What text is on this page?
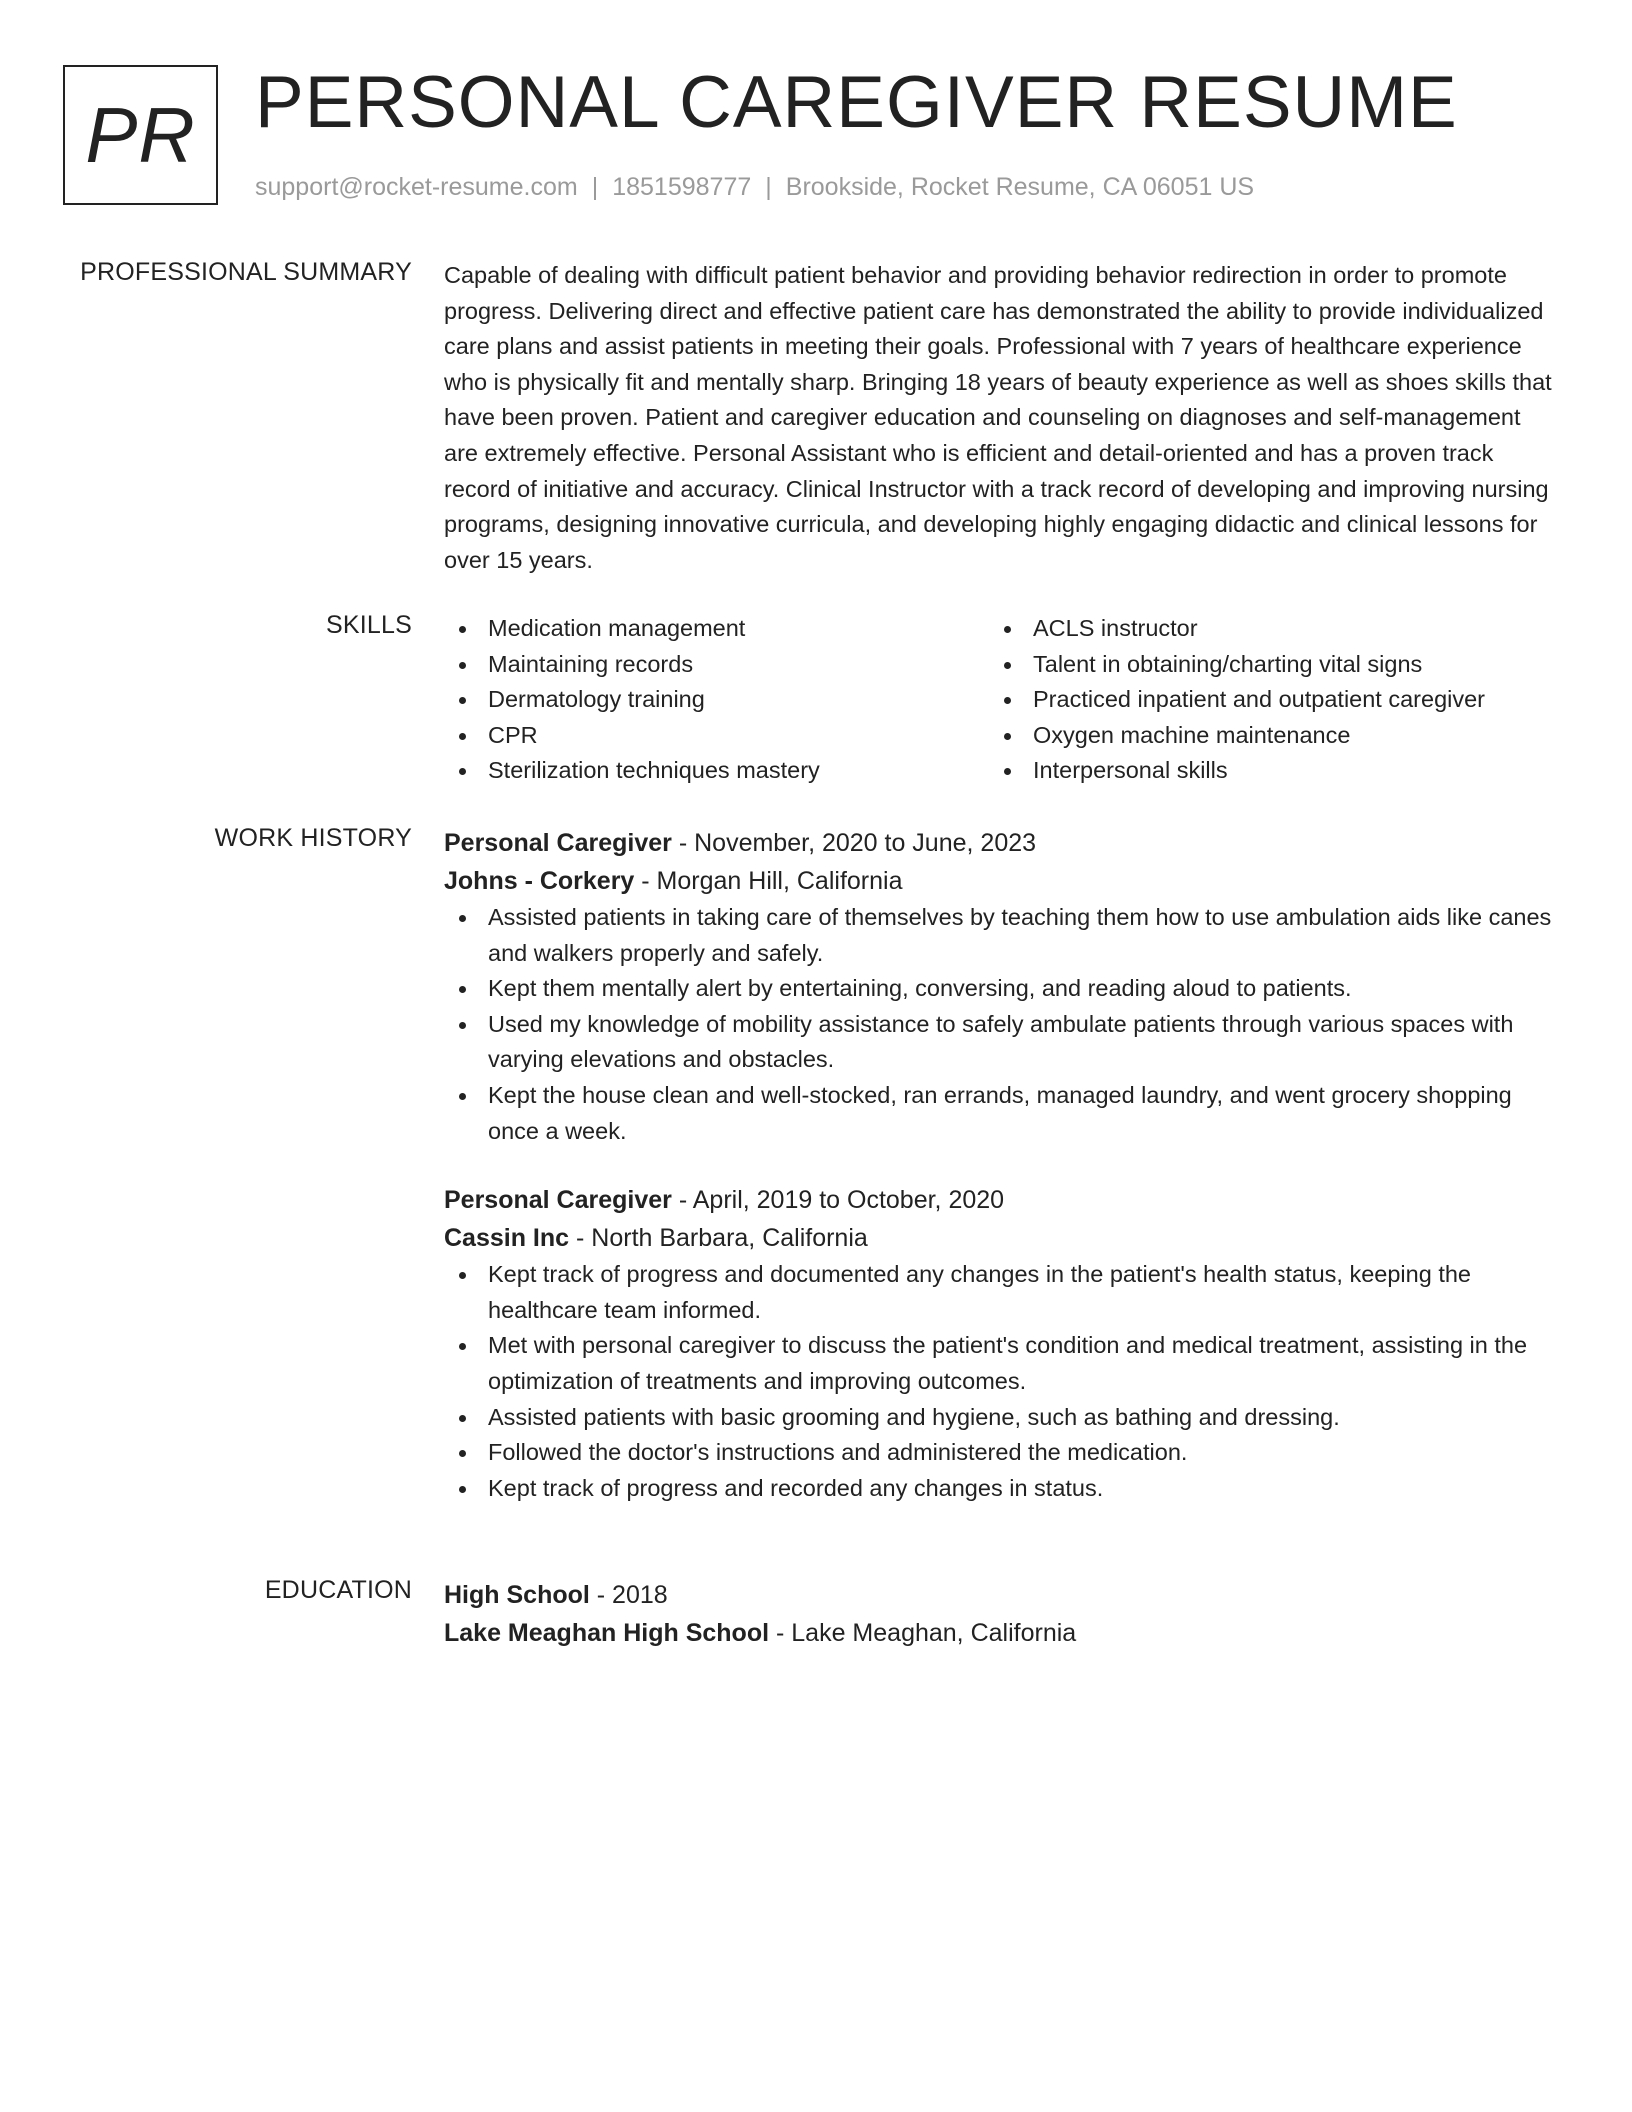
PR PERSONAL CAREGIVER RESUME
support@rocket-resume.com | 1851598777 | Brookside, Rocket Resume, CA 06051 US
PROFESSIONAL SUMMARY Capable of dealing with difficult patient behavior and providing behavior redirection in order to promote progress. Delivering direct and effective patient care has demonstrated the ability to provide individualized care plans and assist patients in meeting their goals. Professional with 7 years of healthcare experience who is physically fit and mentally sharp. Bringing 18 years of beauty experience as well as shoes skills that have been proven. Patient and caregiver education and counseling on diagnoses and self-management are extremely effective. Personal Assistant who is efficient and detail-oriented and has a proven track record of initiative and accuracy. Clinical Instructor with a track record of developing and improving nursing programs, designing innovative curricula, and developing highly engaging didactic and clinical lessons for over 15 years.

SKILLS	Medication management
Maintaining records
Dermatology training
CPR
Sterilization techniques mastery
ACLS instructor
Talent in obtaining/charting vital signs
Practiced inpatient and outpatient caregiver
Oxygen machine maintenance
Interpersonal skills
WORK HISTORY Personal Caregiver - November, 2020 to June, 2023
Johns - Corkery - Morgan Hill, California
Assisted patients in taking care of themselves by teaching them how to use ambulation aids like canes and walkers properly and safely.
Kept them mentally alert by entertaining, conversing, and reading aloud to patients.
Used my knowledge of mobility assistance to safely ambulate patients through various spaces with varying elevations and obstacles.
Kept the house clean and well-stocked, ran errands, managed laundry, and went grocery shopping once a week.
Personal Caregiver - April, 2019 to October, 2020
Cassin Inc - North Barbara, California
Kept track of progress and documented any changes in the patient's health status, keeping the healthcare team informed.
Met with personal caregiver to discuss the patient's condition and medical treatment, assisting in the optimization of treatments and improving outcomes.
Assisted patients with basic grooming and hygiene, such as bathing and dressing.
Followed the doctor's instructions and administered the medication.
Kept track of progress and recorded any changes in status.
EDUCATION High School - 2018
Lake Meaghan High School - Lake Meaghan, California
